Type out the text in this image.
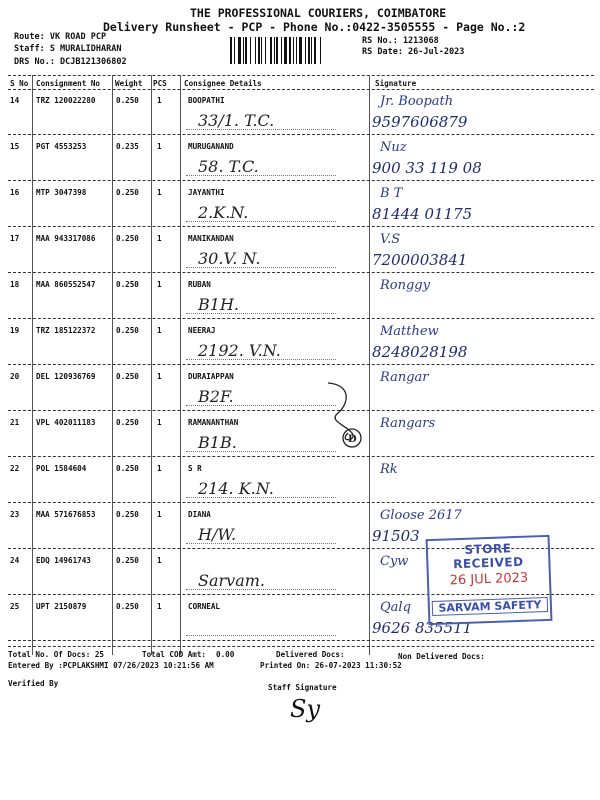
THE PROFESSIONAL COURIERS, COIMBATORE
Delivery Runsheet - PCP - Phone No.:0422-3505555 - Page No.:2
Route: VK ROAD PCP
Staff: S MURALIDHARAN
DRS No.: DCJB121306802
RS No.: 1213068
RS Date: 26-Jul-2023
S No Consignment No Weight PCS Consignee Details	Signature
14 TRZ 120022280	0.250 1	BOOPATHI
33/1. T.C.
Jr. Boopath
9597606879
15 PGT 4553253	0.235 1	MURUGANAND
58. T.C.
Nuz
900 33 119 08
16 MTP 3047398	0.250 1	JAYANTHI
2.K.N.
B T
81444 01175
17 MAA 943317086	0.250 1	MANIKANDAN
30.V. N.
V.S
7200003841
18 MAA 860552547	0.250 1	RUBAN
B1H.
Ronggy
19 TRZ 185122372	0.250 1	NEERAJ
2192. V.N.
Matthew
8248028198
20 DEL 120936769	0.250 1	DURAIAPPAN
B2F.
Rangar
21 VPL 402011183	0.250 1	RAMANANTHAN
B1B.
Rangars
22 POL 1584604	0.250 1	S R
214. K.N.
Rk
23 MAA 571676853	0.250 1	DIANA
H/W.
Gloose 2617
91503
24 EDQ 14961743	0.250 1
Sarvam.
Cyw
25 UPT 2150879	0.250 1	CORNEAL	Qalq
9626 835511
D
STORE RECEIVED
26 JUL 2023
SARVAM SAFETY
Total No. Of Docs: 25	Total COD Amt: 0.00	Delivered Docs:	Non Delivered Docs:
Entered By :PCPLAKSHMI 07/26/2023 10:21:56 AM	Printed On: 26-07-2023 11:30:52
Verified By	Staff Signature
Sy
